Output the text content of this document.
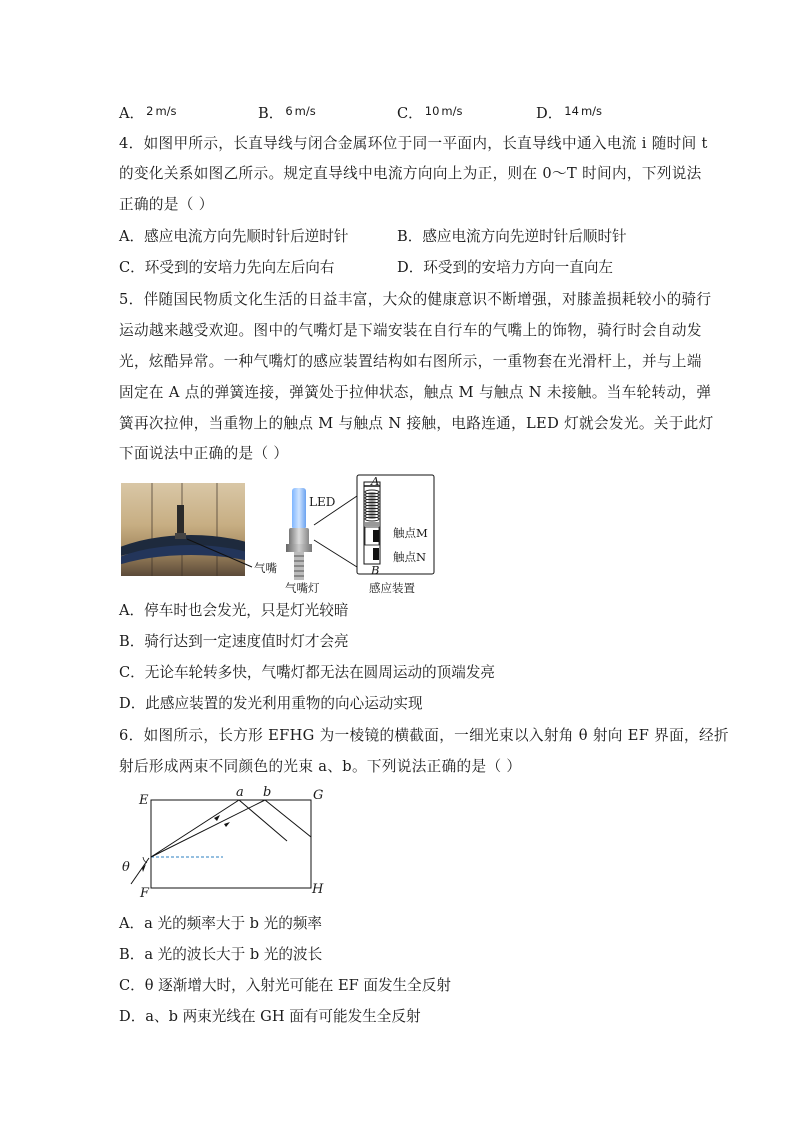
A． $^2$ $^{m/s}$	B． $^6$ $^{m/s}$	C． $^{10}$ $^{m/s}$	D． $^{14}$ $^{m/s}$
4．如图甲所示，长直导线与闭合金属环位于同一平面内，长直导线中通入电流 i 随时间 t
的变化关系如图乙所示。规定直导线中电流方向向上为正，则在 0～T 时间内，下列说法
正确的是（ ）
A．感应电流方向先顺时针后逆时针	B．感应电流方向先逆时针后顺时针
C．环受到的安培力先向左后向右	D．环受到的安培力方向一直向左
5．伴随国民物质文化生活的日益丰富，大众的健康意识不断增强，对膝盖损耗较小的骑行
运动越来越受欢迎。图中的气嘴灯是下端安装在自行车的气嘴上的饰物，骑行时会自动发
光，炫酷异常。一种气嘴灯的感应装置结构如右图所示，一重物套在光滑杆上，并与上端
固定在 A 点的弹簧连接，弹簧处于拉伸状态，触点 M 与触点 N 未接触。当车轮转动，弹
簧再次拉伸，当重物上的触点 M 与触点 N 接触，电路连通，LED 灯就会发光。关于此灯
下面说法中正确的是（ ）
气嘴
LED
气嘴灯
A
B
触点M
触点N
感应装置
A．停车时也会发光，只是灯光较暗
B．骑行达到一定速度值时灯才会亮
C．无论车轮转多快，气嘴灯都无法在圆周运动的顶端发亮
D．此感应装置的发光利用重物的向心运动实现
6．如图所示，长方形 EFHG 为一棱镜的横截面，一细光束以入射角 θ 射向 EF 界面，经折
射后形成两束不同颜色的光束 a、b。下列说法正确的是（ ）
E
F
G
H
a b
θ
A．a 光的频率大于 b 光的频率
B．a 光的波长大于 b 光的波长
C．θ 逐渐增大时，入射光可能在 EF 面发生全反射
D．a、b 两束光线在 GH 面有可能发生全反射
